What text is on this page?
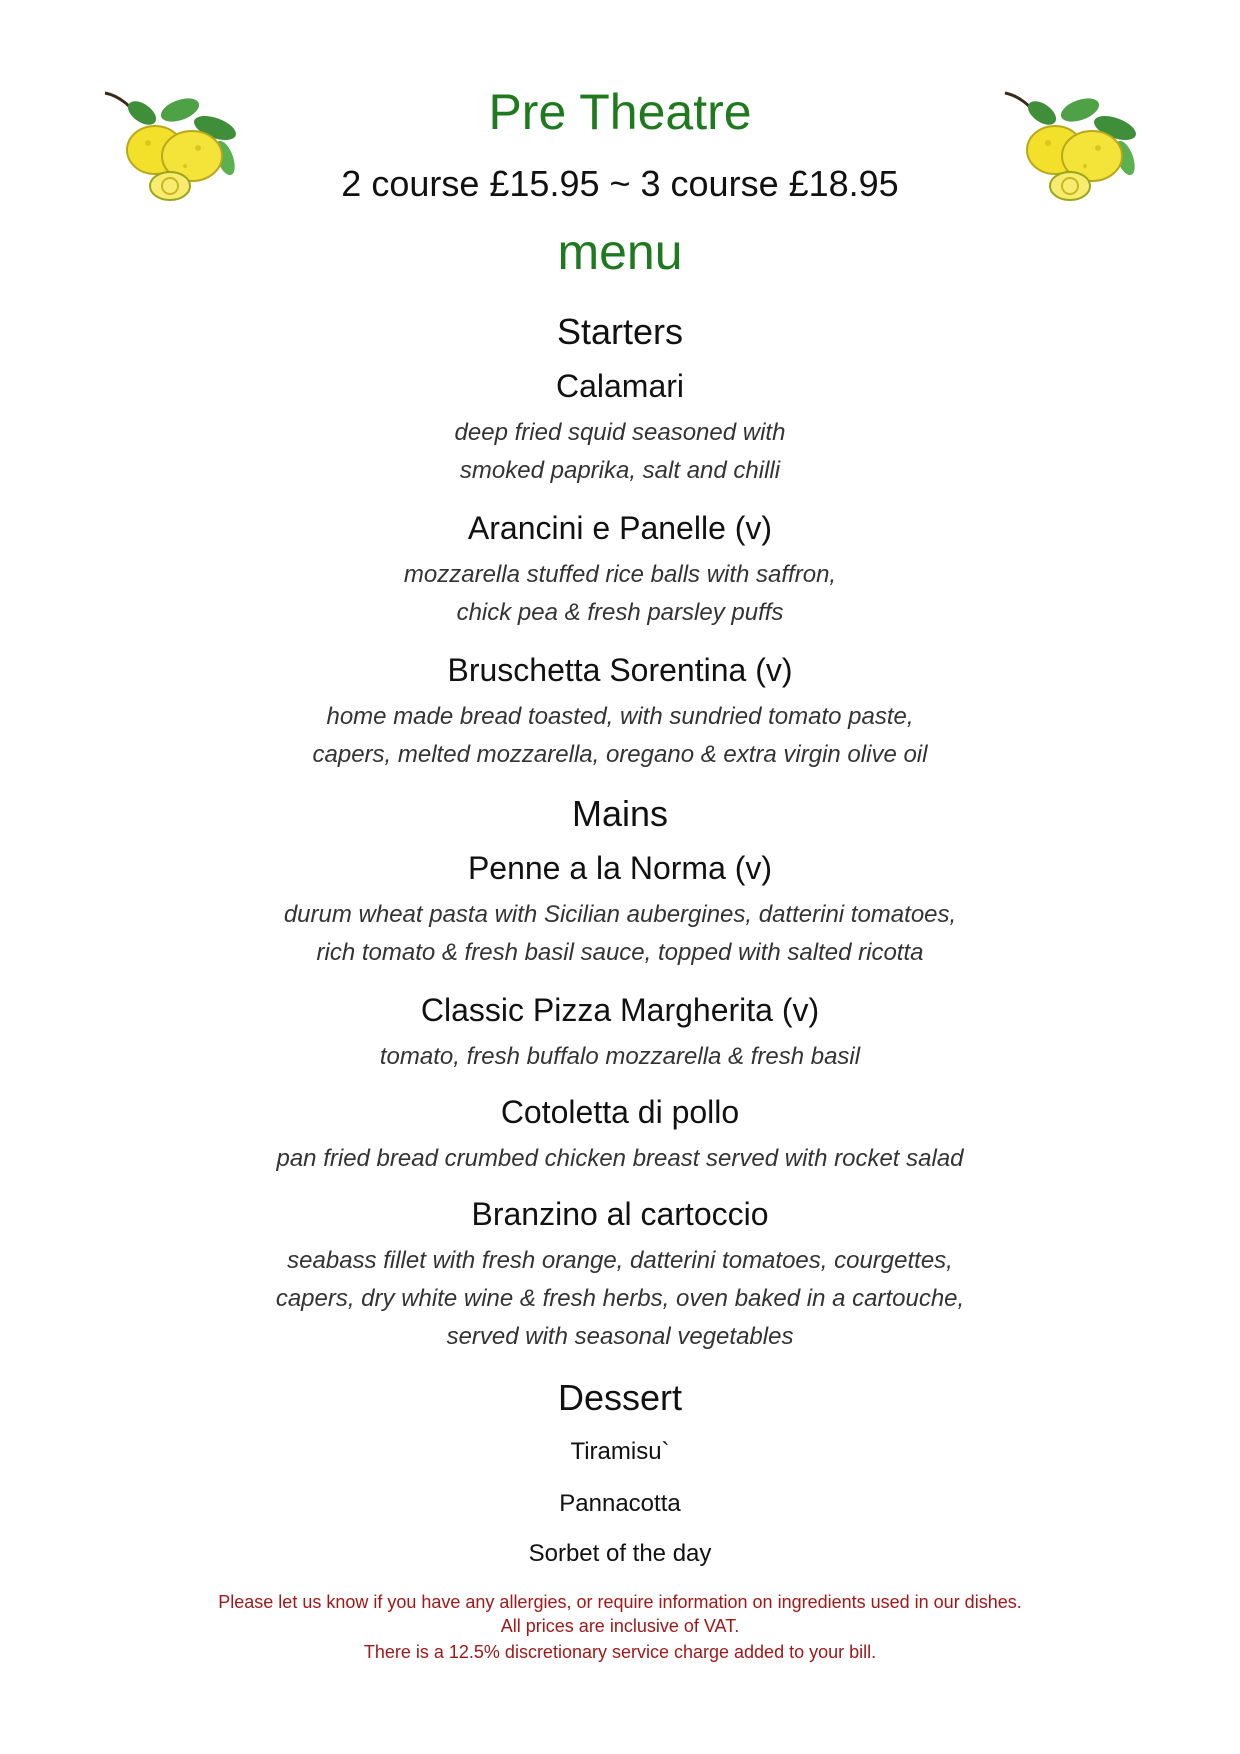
Pre Theatre
2 course £15.95 ~ 3 course £18.95
menu
Starters
Calamari
deep fried squid seasoned with
smoked paprika, salt and chilli
Arancini e Panelle (v)
mozzarella stuffed rice balls with saffron,
chick pea & fresh parsley puffs
Bruschetta Sorentina (v)
home made bread toasted, with sundried tomato paste,
capers, melted mozzarella, oregano & extra virgin olive oil
Mains
Penne a la Norma (v)
durum wheat pasta with Sicilian aubergines, datterini tomatoes,
rich tomato & fresh basil sauce, topped with salted ricotta
Classic Pizza Margherita (v)
tomato, fresh buffalo mozzarella & fresh basil
Cotoletta di pollo
pan fried bread crumbed chicken breast served with rocket salad
Branzino al cartoccio
seabass fillet with fresh orange, datterini tomatoes, courgettes,
capers, dry white wine & fresh herbs, oven baked in a cartouche,
served with seasonal vegetables
Dessert
Tiramisu`
Pannacotta
Sorbet of the day
Please let us know if you have any allergies, or require information on ingredients used in our dishes.
All prices are inclusive of VAT.
There is a 12.5% discretionary service charge added to your bill.
